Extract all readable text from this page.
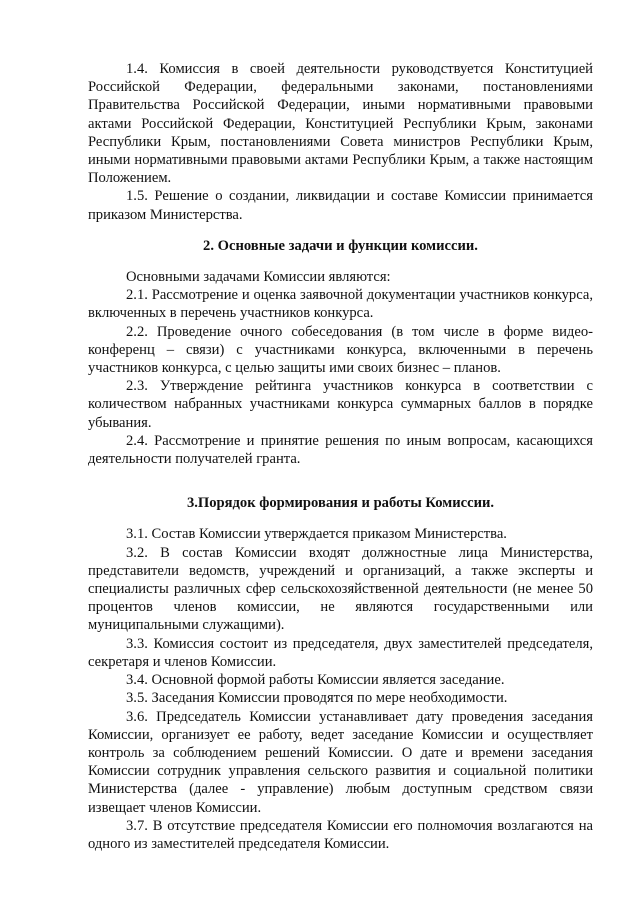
1.4. Комиссия в своей деятельности руководствуется Конституцией Российской Федерации, федеральными законами, постановлениями Правительства Российской Федерации, иными нормативными правовыми актами Российской Федерации, Конституцией Республики Крым, законами Республики Крым, постановлениями Совета министров Республики Крым, иными нормативными правовыми актами Республики Крым, а также настоящим Положением.

1.5. Решение о создании, ликвидации и составе Комиссии принимается приказом Министерства.

2. Основные задачи и функции комиссии.

Основными задачами Комиссии являются:

2.1. Рассмотрение и оценка заявочной документации участников конкурса, включенных в перечень участников конкурса.

2.2. Проведение очного собеседования (в том числе в форме видео-конференц – связи) с участниками конкурса, включенными в перечень участников конкурса, с целью защиты ими своих бизнес – планов.

2.3. Утверждение рейтинга участников конкурса в соответствии с количеством набранных участниками конкурса суммарных баллов в порядке убывания.

2.4. Рассмотрение и принятие решения по иным вопросам, касающихся деятельности получателей гранта.

3.Порядок формирования и работы Комиссии.

3.1. Состав Комиссии утверждается приказом Министерства.

3.2. В состав Комиссии входят должностные лица Министерства, представители ведомств, учреждений и организаций, а также эксперты и специалисты различных сфер сельскохозяйственной деятельности (не менее 50 процентов членов комиссии, не являются государственными или муниципальными служащими).

3.3. Комиссия состоит из председателя, двух заместителей председателя, секретаря и членов Комиссии.

3.4. Основной формой работы Комиссии является заседание.

3.5. Заседания Комиссии проводятся по мере необходимости.

3.6. Председатель Комиссии устанавливает дату проведения заседания Комиссии, организует ее работу, ведет заседание Комиссии и осуществляет контроль за соблюдением решений Комиссии. О дате и времени заседания Комиссии сотрудник управления сельского развития и социальной политики Министерства (далее - управление) любым доступным средством связи извещает членов Комиссии.

3.7. В отсутствие председателя Комиссии его полномочия возлагаются на одного из заместителей председателя Комиссии.
